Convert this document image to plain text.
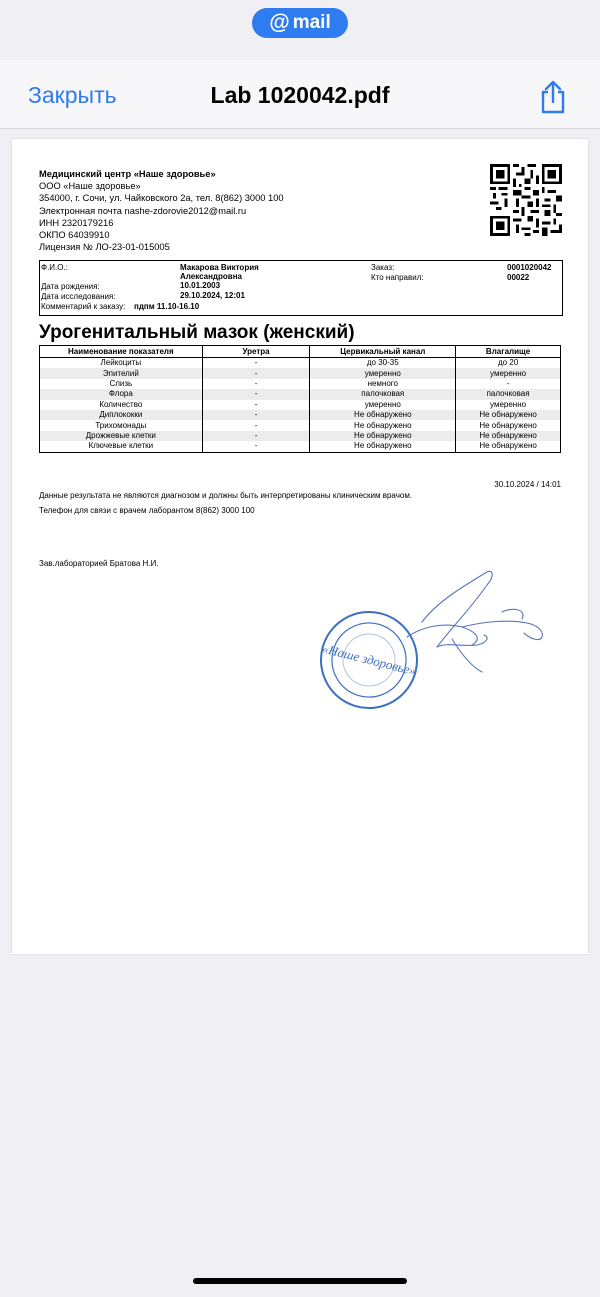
@ mail
Закрыть	Lab 1020042.pdf
Медицинский центр «Наше здоровье»
ООО «Наше здоровье»
354000, г. Сочи, ул. Чайковского 2а, тел. 8(862) 3000 100
Электронная почта nashe-zdorovie2012@mail.ru
ИНН 2320179216
ОКПО 64039910
Лицензия № ЛО-23-01-015005
Ф.И.О.:	Макарова Виктория
Александровна
Дата рождения:	10.01.2003
Дата исследования:	29.10.2024, 12:01
Комментарий к заказу: пдпм 11.10-16.10
Заказ:	0001020042
Кто направил:	00022
Урогенитальный мазок (женский)
Наименование показателя	Уретра	Цервикальный канал	Влагалище
Лейкоциты	-	до 30-35	до 20
Эпителий	-	умеренно	умеренно
Слизь	-	немного	-
Флора	-	палочковая	палочковая
Количество	-	умеренно	умеренно
Диплококки	-	Не обнаружено	Не обнаружено
Трихомонады	-	Не обнаружено	Не обнаружено
Дрожжевые клетки	-	Не обнаружено	Не обнаружено
Ключевые клетки	-	Не обнаружено	Не обнаружено
30.10.2024 / 14:01
Данные результата не являются диагнозом и должны быть интерпретированы клиническим врачом.
Телефон для связи с врачем лаборантом 8(862) 3000 100
Зав.лабораторией Братова Н.И.
«Наше здоровье»
